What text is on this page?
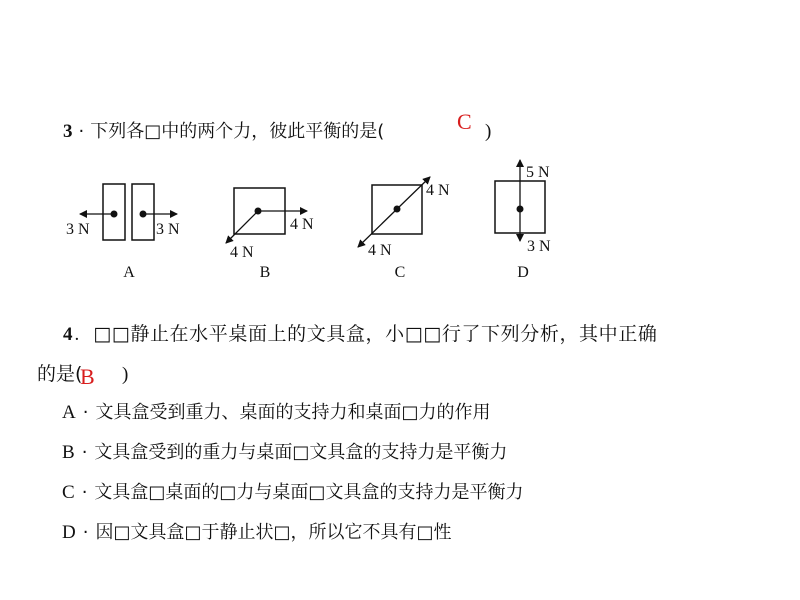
3 · 下列各□中的两个力，彼此平衡的是(	C )
3 N	3 N	4 N
4 N
4 N
4 N
5 N
3 N
A	B	C	D
4 . □□静止在水平桌面上的文具盒，小□□行了下列分析，其中正确
的是(
B )
A · 文具盒受到重力、桌面的支持力和桌面□力的作用
B · 文具盒受到的重力与桌面□文具盒的支持力是平衡力
C · 文具盒□桌面的□力与桌面□文具盒的支持力是平衡力
D · 因□文具盒□于静止状□，所以它不具有□性
